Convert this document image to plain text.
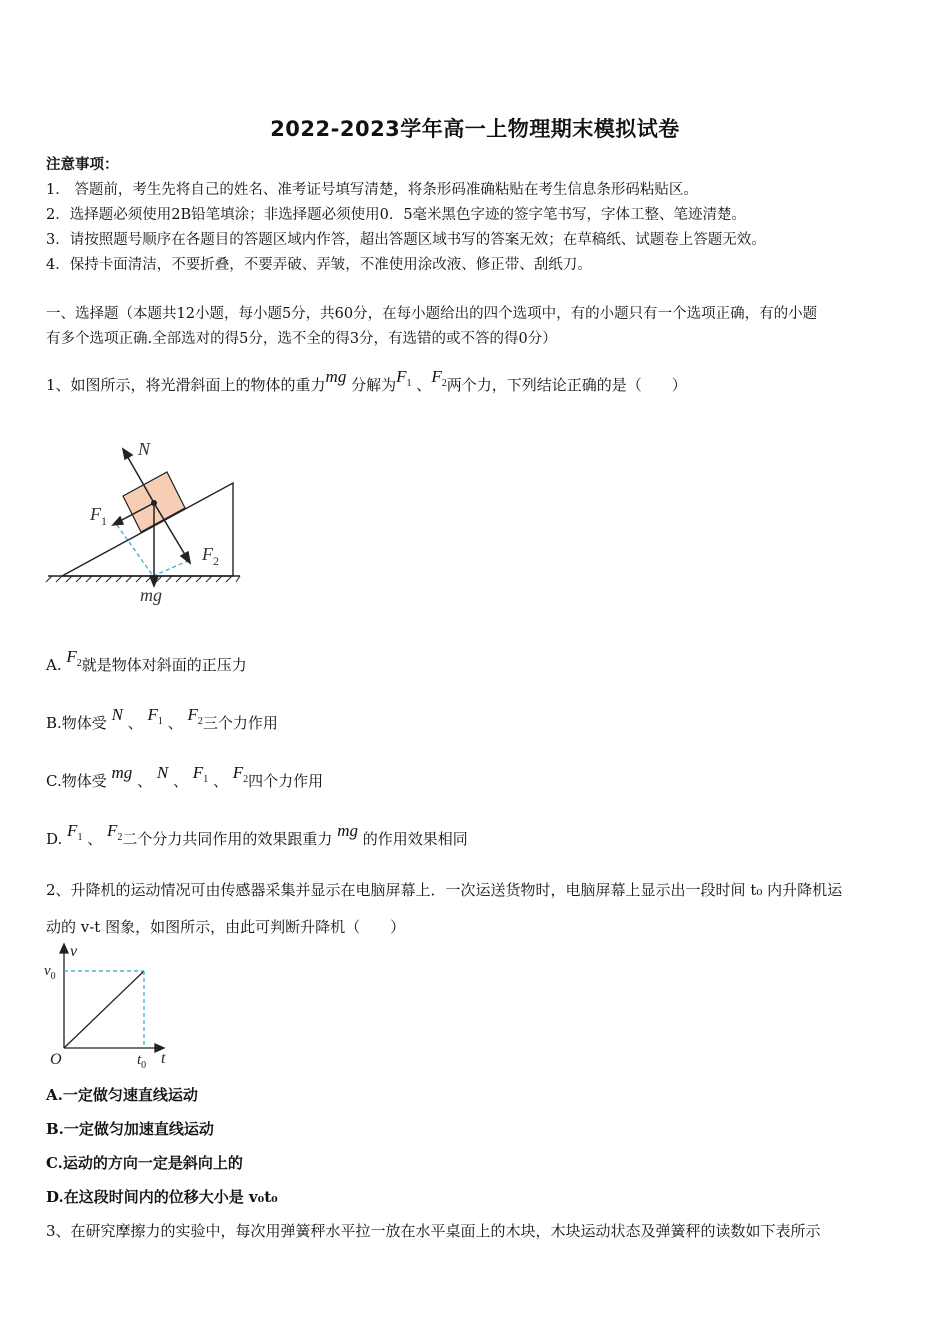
2022-2023学年高一上物理期末模拟试卷
注意事项：
1． 答题前，考生先将自己的姓名、准考证号填写清楚，将条形码准确粘贴在考生信息条形码粘贴区。
2．选择题必须使用2B铅笔填涂；非选择题必须使用0．5毫米黑色字迹的签字笔书写，字体工整、笔迹清楚。
3．请按照题号顺序在各题目的答题区域内作答，超出答题区域书写的答案无效；在草稿纸、试题卷上答题无效。
4．保持卡面清洁，不要折叠，不要弄破、弄皱，不准使用涂改液、修正带、刮纸刀。
一、选择题（本题共12小题，每小题5分，共60分，在每小题给出的四个选项中，有的小题只有一个选项正确，有的小题
有多个选项正确.全部选对的得5分，选不全的得3分，有选错的或不答的得0分）
1、如图所示，将光滑斜面上的物体的重力mg 分解为$F_1$ 、$F_2$两个力，下列结论正确的是（　　）
N
$F_1$
$F_2$
mg
A. $F_2$就是物体对斜面的正压力
B.物体受 N 、 $F_1$ 、 $F_2$三个力作用
C.物体受 mg 、 N 、 $F_1$ 、 $F_2$四个力作用
D. $F_1$ 、 $F_2$二个分力共同作用的效果跟重力 mg 的作用效果相同
2、升降机的运动情况可由传感器采集并显示在电脑屏幕上．一次运送货物时，电脑屏幕上显示出一段时间 t₀ 内升降机运
动的 v-t 图象，如图所示，由此可判断升降机（　　）
v
$v_0$
O	$t_0$ t
A.一定做匀速直线运动
B.一定做匀加速直线运动
C.运动的方向一定是斜向上的
D.在这段时间内的位移大小是 v₀t₀
3、在研究摩擦力的实验中，每次用弹簧秤水平拉一放在水平桌面上的木块，木块运动状态及弹簧秤的读数如下表所示
